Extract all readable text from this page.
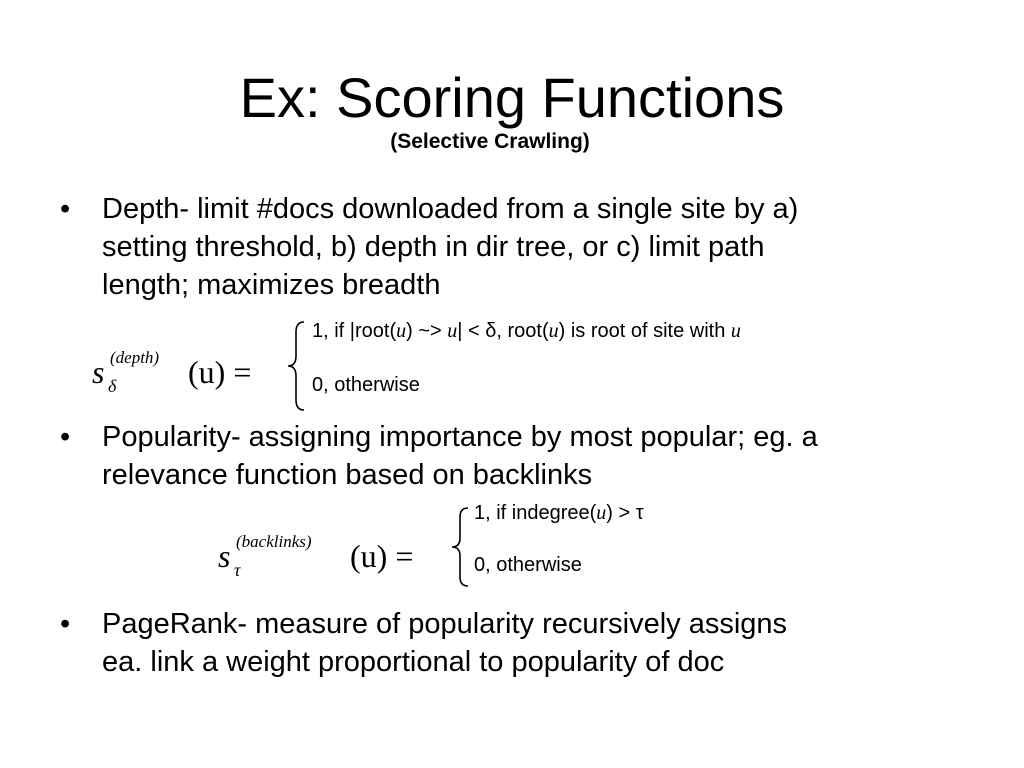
Ex: Scoring Functions
(Selective Crawling)
• Depth- limit #docs downloaded from a single site by a)
setting threshold, b) depth in dir tree, or c) limit path
length; maximizes breadth
s (depth)
δ (u) =
1, if |root(u) ~> u| < δ, root(u) is root of site with u
0, otherwise
• Popularity- assigning importance by most popular; eg. a
relevance function based on backlinks
s (backlinks)
τ	(u) =
1, if indegree(u) > τ
0, otherwise
• PageRank- measure of popularity recursively assigns
ea. link a weight proportional to popularity of doc
